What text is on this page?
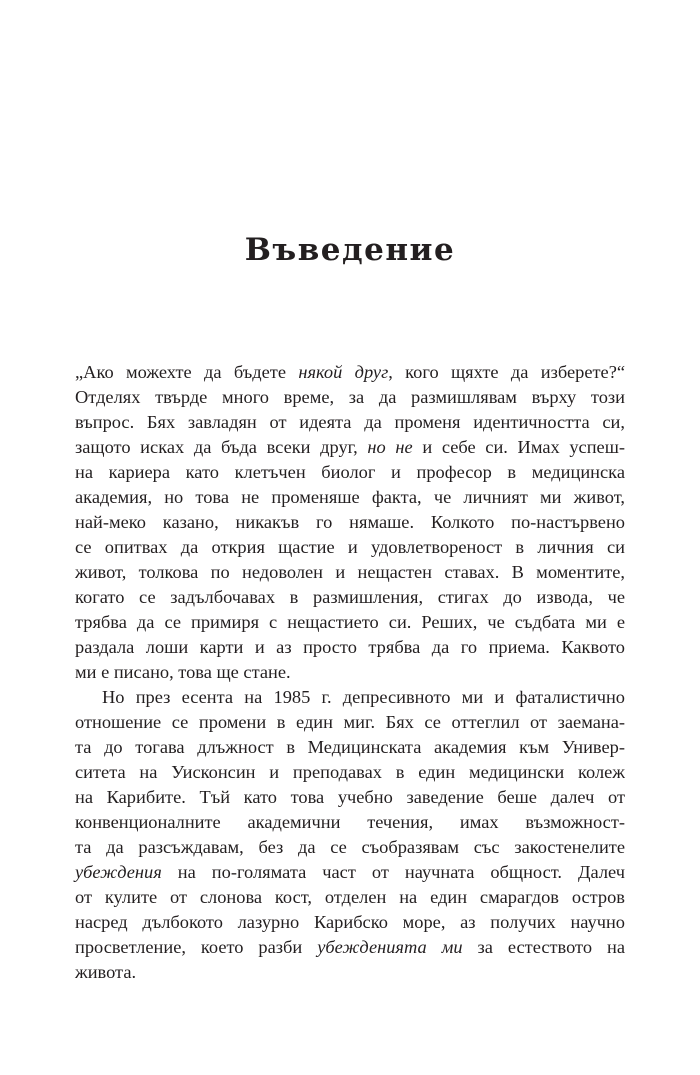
Въведение
„Ако можехте да бъдете някой друг, кого щяхте да изберете?“
Отделях твърде много време, за да размишлявам върху този
въпрос. Бях завладян от идеята да променя идентичността си,
защото исках да бъда всеки друг, но не и себе си. Имах успеш-
на кариера като клетъчен биолог и професор в медицинска
академия, но това не променяше факта, че личният ми живот,
най-меко казано, никакъв го нямаше. Колкото по-настървено
се опитвах да открия щастие и удовлетвореност в личния си
живот, толкова по недоволен и нещастен ставах. В моментите,
когато се задълбочавах в размишления, стигах до извода, че
трябва да се примиря с нещастието си. Реших, че съдбата ми е
раздала лоши карти и аз просто трябва да го приема. Каквото
ми е писано, това ще стане.
Но през есента на 1985 г. депресивното ми и фаталистично
отношение се промени в един миг. Бях се оттеглил от заемана-
та до тогава длъжност в Медицинската академия към Универ-
ситета на Уисконсин и преподавах в един медицински колеж
на Карибите. Тъй като това учебно заведение беше далеч от
конвенционалните академични течения, имах възможност-
та да разсъждавам, без да се съобразявам със закостенелите
убеждения на по-голямата част от научната общност. Далеч
от кулите от слонова кост, отделен на един смарагдов остров
насред дълбокото лазурно Карибско море, аз получих научно
просветление, което разби убежденията ми за естеството на
живота.
